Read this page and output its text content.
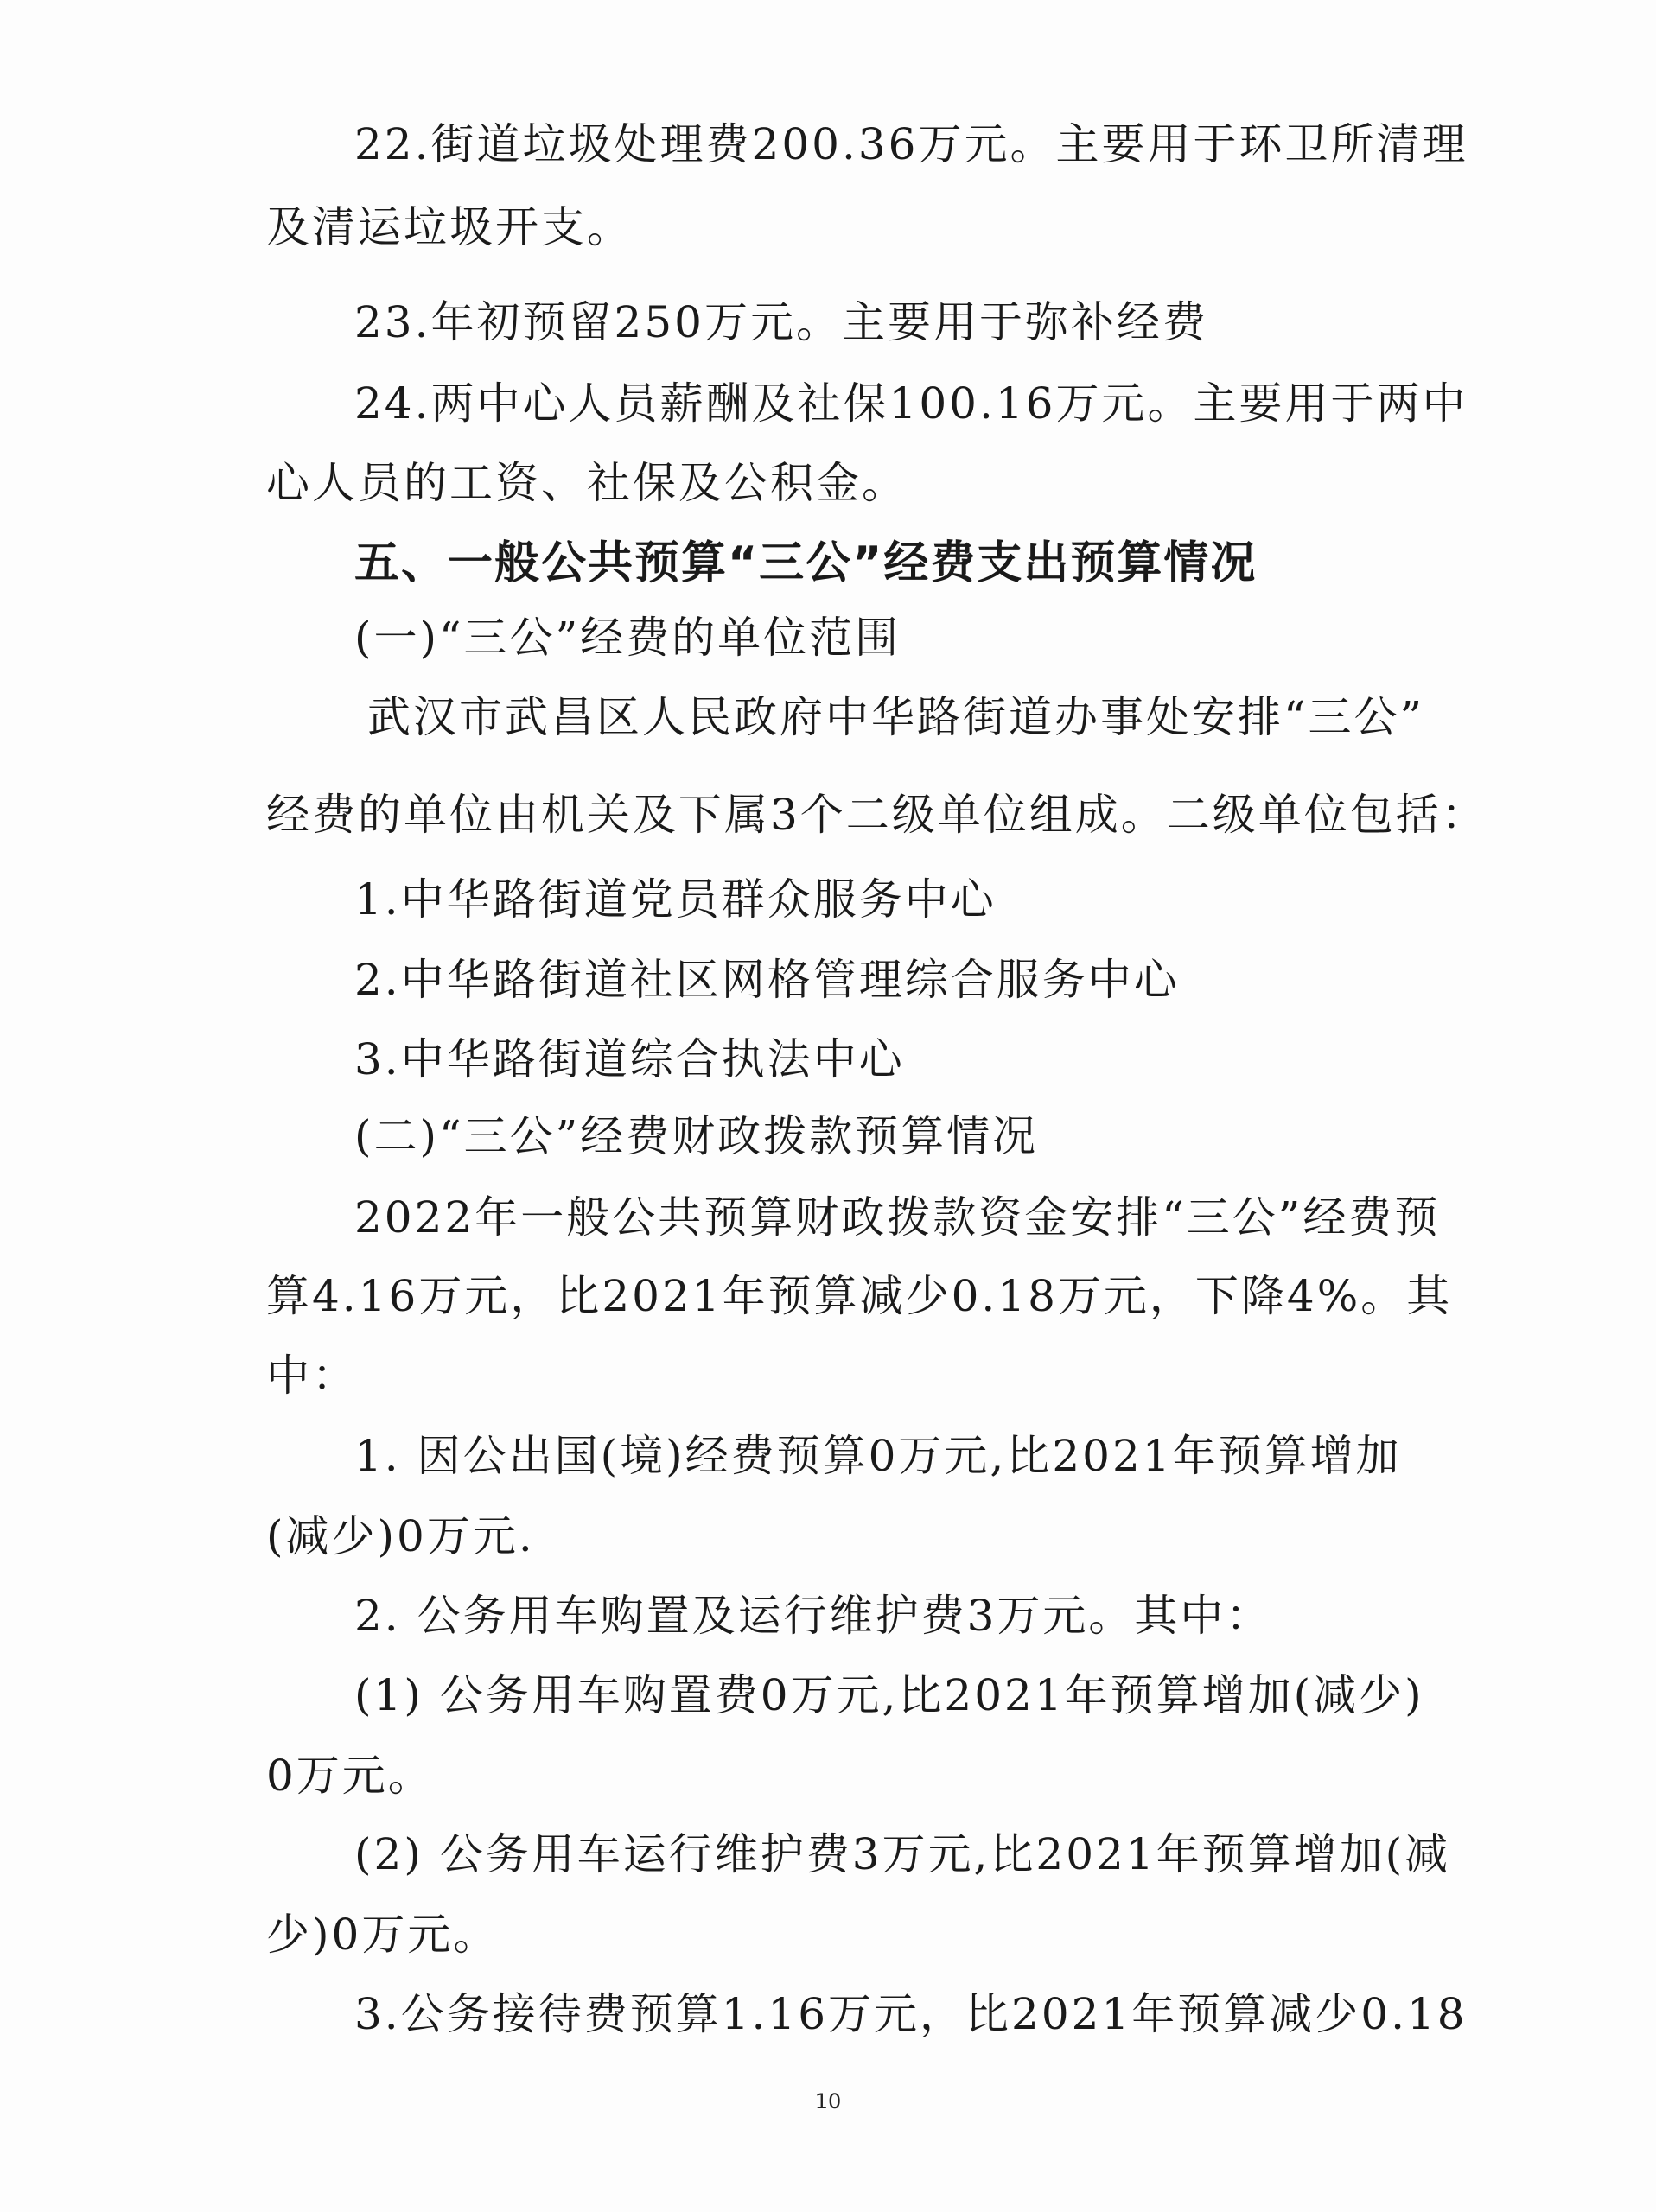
22.街道垃圾处理费200.36万元。主要用于环卫所清理
及清运垃圾开支。
23.年初预留250万元。主要用于弥补经费
24.两中心人员薪酬及社保100.16万元。主要用于两中
心人员的工资、社保及公积金。
五、一般公共预算“三公”经费支出预算情况
(一)“三公”经费的单位范围
武汉市武昌区人民政府中华路街道办事处安排“三公”
经费的单位由机关及下属3个二级单位组成。二级单位包括：
1.中华路街道党员群众服务中心
2.中华路街道社区网格管理综合服务中心
3.中华路街道综合执法中心
(二)“三公”经费财政拨款预算情况
2022年一般公共预算财政拨款资金安排“三公”经费预
算4.16万元，比2021年预算减少0.18万元，下降4%。其
中：
1. 因公出国(境)经费预算0万元,比2021年预算增加
(减少)0万元.
2. 公务用车购置及运行维护费3万元。其中：
(1) 公务用车购置费0万元,比2021年预算增加(减少)
0万元。
(2) 公务用车运行维护费3万元,比2021年预算增加(减
少)0万元。
3.公务接待费预算1.16万元，比2021年预算减少0.18
10
